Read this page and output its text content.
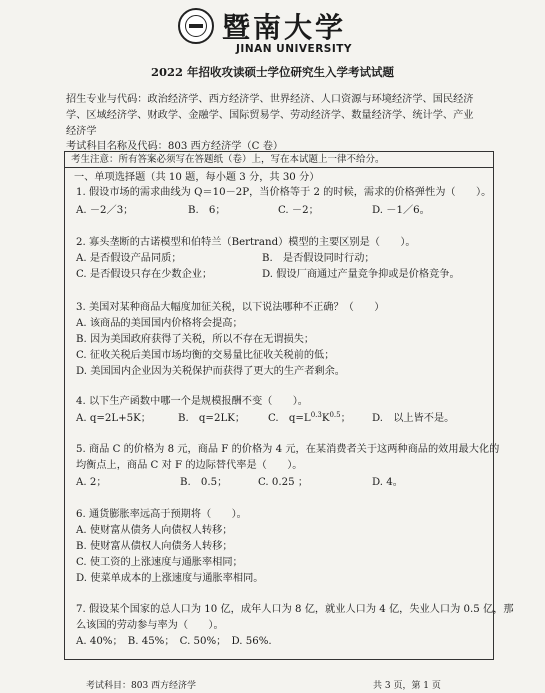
暨南大学
JINAN UNIVERSITY
2022 年招收攻读硕士学位研究生入学考试试题
招生专业与代码：政治经济学、西方经济学、世界经济、人口资源与环境经济学、国民经济
学、区域经济学、财政学、金融学、国际贸易学、劳动经济学、数量经济学、统计学、产业
经济学
考试科目名称及代码：803 西方经济学（C 卷）
考生注意：所有答案必须写在答题纸（卷）上，写在本试题上一律不给分。
一、单项选择题（共 10 题，每小题 3 分，共 30 分）
1. 假设市场的需求曲线为 Q＝10－2P，当价格等于 2 的时候，需求的价格弹性为（　　）。
A. －2／3；	B.　6；	C. －2；	D. －1／6。
2. 寡头垄断的古诺模型和伯特兰（Bertrand）模型的主要区别是（　　）。
A. 是否假设产品同质；	B.　是否假设同时行动；
C. 是否假设只存在少数企业；	D. 假设厂商通过产量竞争抑或是价格竞争。
3. 美国对某种商品大幅度加征关税，以下说法哪种不正确？（　　）
A. 该商品的美国国内价格将会提高；
B. 因为美国政府获得了关税，所以不存在无谓损失；
C. 征收关税后美国市场均衡的交易量比征收关税前的低；
D. 美国国内企业因为关税保护而获得了更大的生产者剩余。
4. 以下生产函数中哪一个是规模报酬不变（　　）。
A. q=2L+5K；	B.　q=2LK； C.　$q=L^{0.3}K^{0.5}$； D.　以上皆不是。
5. 商品 C 的价格为 8 元，商品 F 的价格为 4 元，在某消费者关于这两种商品的效用最大化的
均衡点上，商品 C 对 F 的边际替代率是（　　）。
A. 2；	B.　0.5；	C. 0.25 ；	D. 4。
6. 通货膨胀率远高于预期将（　　）。
A. 使财富从债务人向债权人转移；
B. 使财富从债权人向债务人转移；
C. 使工资的上涨速度与通胀率相同；
D. 使菜单成本的上涨速度与通胀率相同。
7. 假设某个国家的总人口为 10 亿，成年人口为 8 亿，就业人口为 4 亿，失业人口为 0.5 亿，那
么该国的劳动参与率为（　　）。
A. 40%；　B. 45%；　C. 50%；　D. 56%.
考试科目：803 西方经济学	共 3 页，第 1 页
